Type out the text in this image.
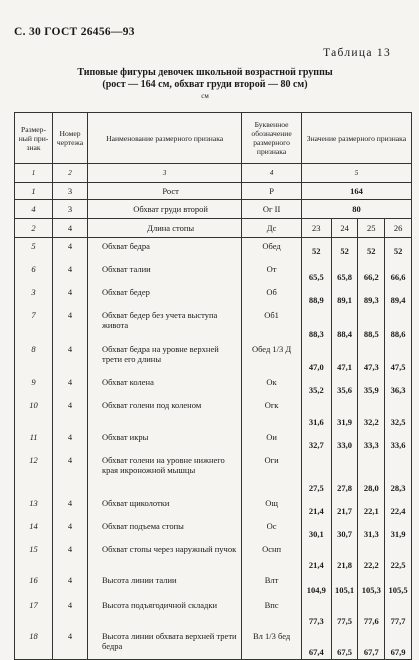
С. 30 ГОСТ 26456—93
Таблица 13
Типовые фигуры девочек школьной возрастной группы
(рост — 164 см, обхват груди второй — 80 см)
см
Размер- ный при- знак	Номер чертежа	Наименование размерного признака	Буквенное обозначение размерного признака	Значение размерного признака			
1	2	3	4	5			
1	3	Рост	Р	164			
4	3	Обхват груди второй	Ог II	80			
2	4	Длина стопы	Дс	23	24	25	26
5	4	Обхват бедра	Обед	52	52	52	52
6	4	Обхват талии	От	65,5	65,8	66,2	66,6
3	4	Обхват бедер	Об	88,9	89,1	89,3	89,4
7	4	Обхват бедер без учета выступа живота	Об1	88,3	88,4	88,5	88,6
8	4	Обхват бедра на уровне верхней трети его длины	Обед 1/3 Д	47,0	47,1	47,3	47,5
9	4	Обхват колена	Ок	35,2	35,6	35,9	36,3
10	4	Обхват голени под коленом	Огк	31,6	31,9	32,2	32,5
11	4	Обхват икры	Ои	32,7	33,0	33,3	33,6
12	4	Обхват голени на уровне нижнего края икроножной мышцы	Оги	27,5	27,8	28,0	28,3
13	4	Обхват щиколотки	Ощ	21,4	21,7	22,1	22,4
14	4	Обхват подъема стопы	Ос	30,1	30,7	31,3	31,9
15	4	Обхват стопы через наружный пучок	Оснп	21,4	21,8	22,2	22,5
16	4	Высота линии талии	Влт	104,9	105,1	105,3	105,5
17	4	Высота подъягодичной складки	Впс	77,3	77,5	77,6	77,7
18	4	Высота линии обхвата верхней трети бедра	Вл 1/3 бед	67,4	67,5	67,7	67,9
